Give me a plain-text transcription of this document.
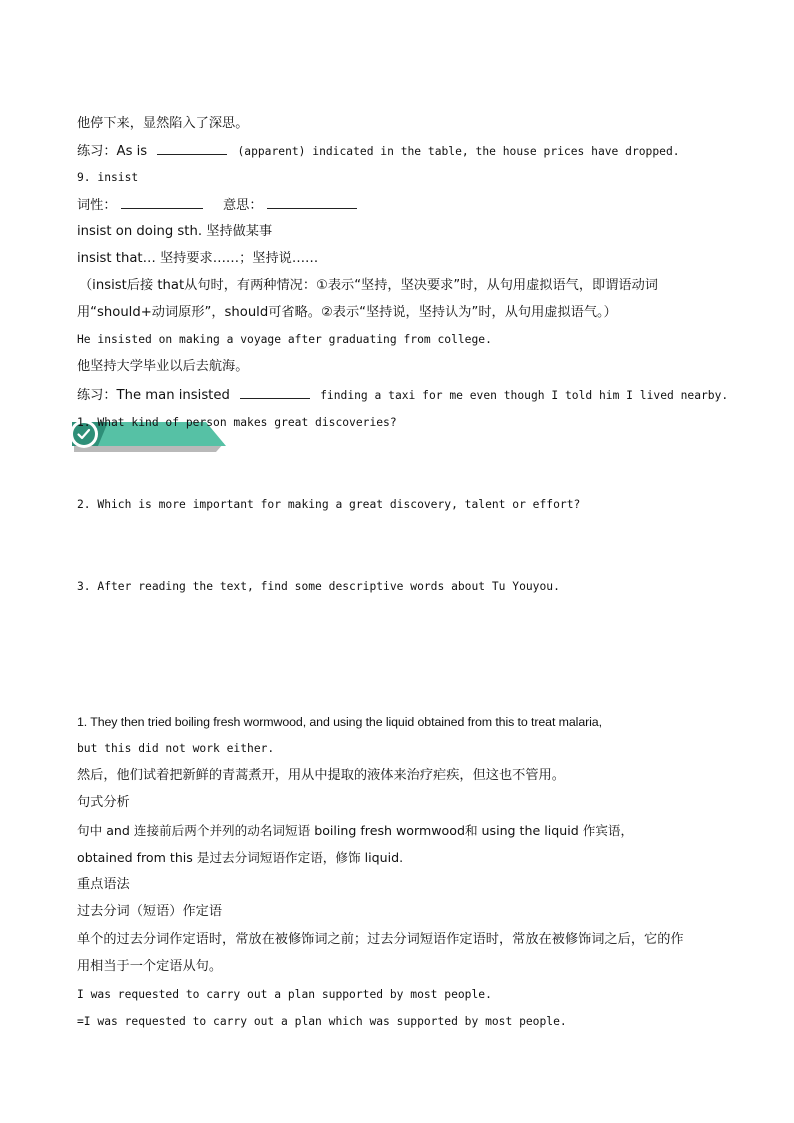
他停下来，显然陷入了深思。
练习：As is	(apparent) indicated in the table, the house prices have dropped.
9. insist
词性：	意思：
insist on doing sth. 坚持做某事
insist that… 坚持要求……；坚持说……
（insist后接 that从句时，有两种情况：①表示“坚持，坚决要求”时，从句用虚拟语气，即谓语动词
用“should+动词原形”，should可省略。②表示“坚持说，坚持认为”时，从句用虚拟语气。）
He insisted on making a voyage after graduating from college.
他坚持大学毕业以后去航海。
练习：The man insisted	finding a taxi for me even though I told him I lived nearby.
1. What kind of person makes great discoveries?
2. Which is more important for making a great discovery, talent or effort?
3. After reading the text, find some descriptive words about Tu Youyou.
1. They then tried boiling fresh wormwood, and using the liquid obtained from this to treat malaria,
but this did not work either.
然后，他们试着把新鲜的青蒿煮开，用从中提取的液体来治疗疟疾，但这也不管用。
句式分析
句中 and 连接前后两个并列的动名词短语 boiling fresh wormwood和 using the liquid 作宾语，
obtained from this 是过去分词短语作定语，修饰 liquid.
重点语法
过去分词（短语）作定语
单个的过去分词作定语时，常放在被修饰词之前；过去分词短语作定语时，常放在被修饰词之后，它的作
用相当于一个定语从句。
I was requested to carry out a plan supported by most people.
=I was requested to carry out a plan which was supported by most people.
